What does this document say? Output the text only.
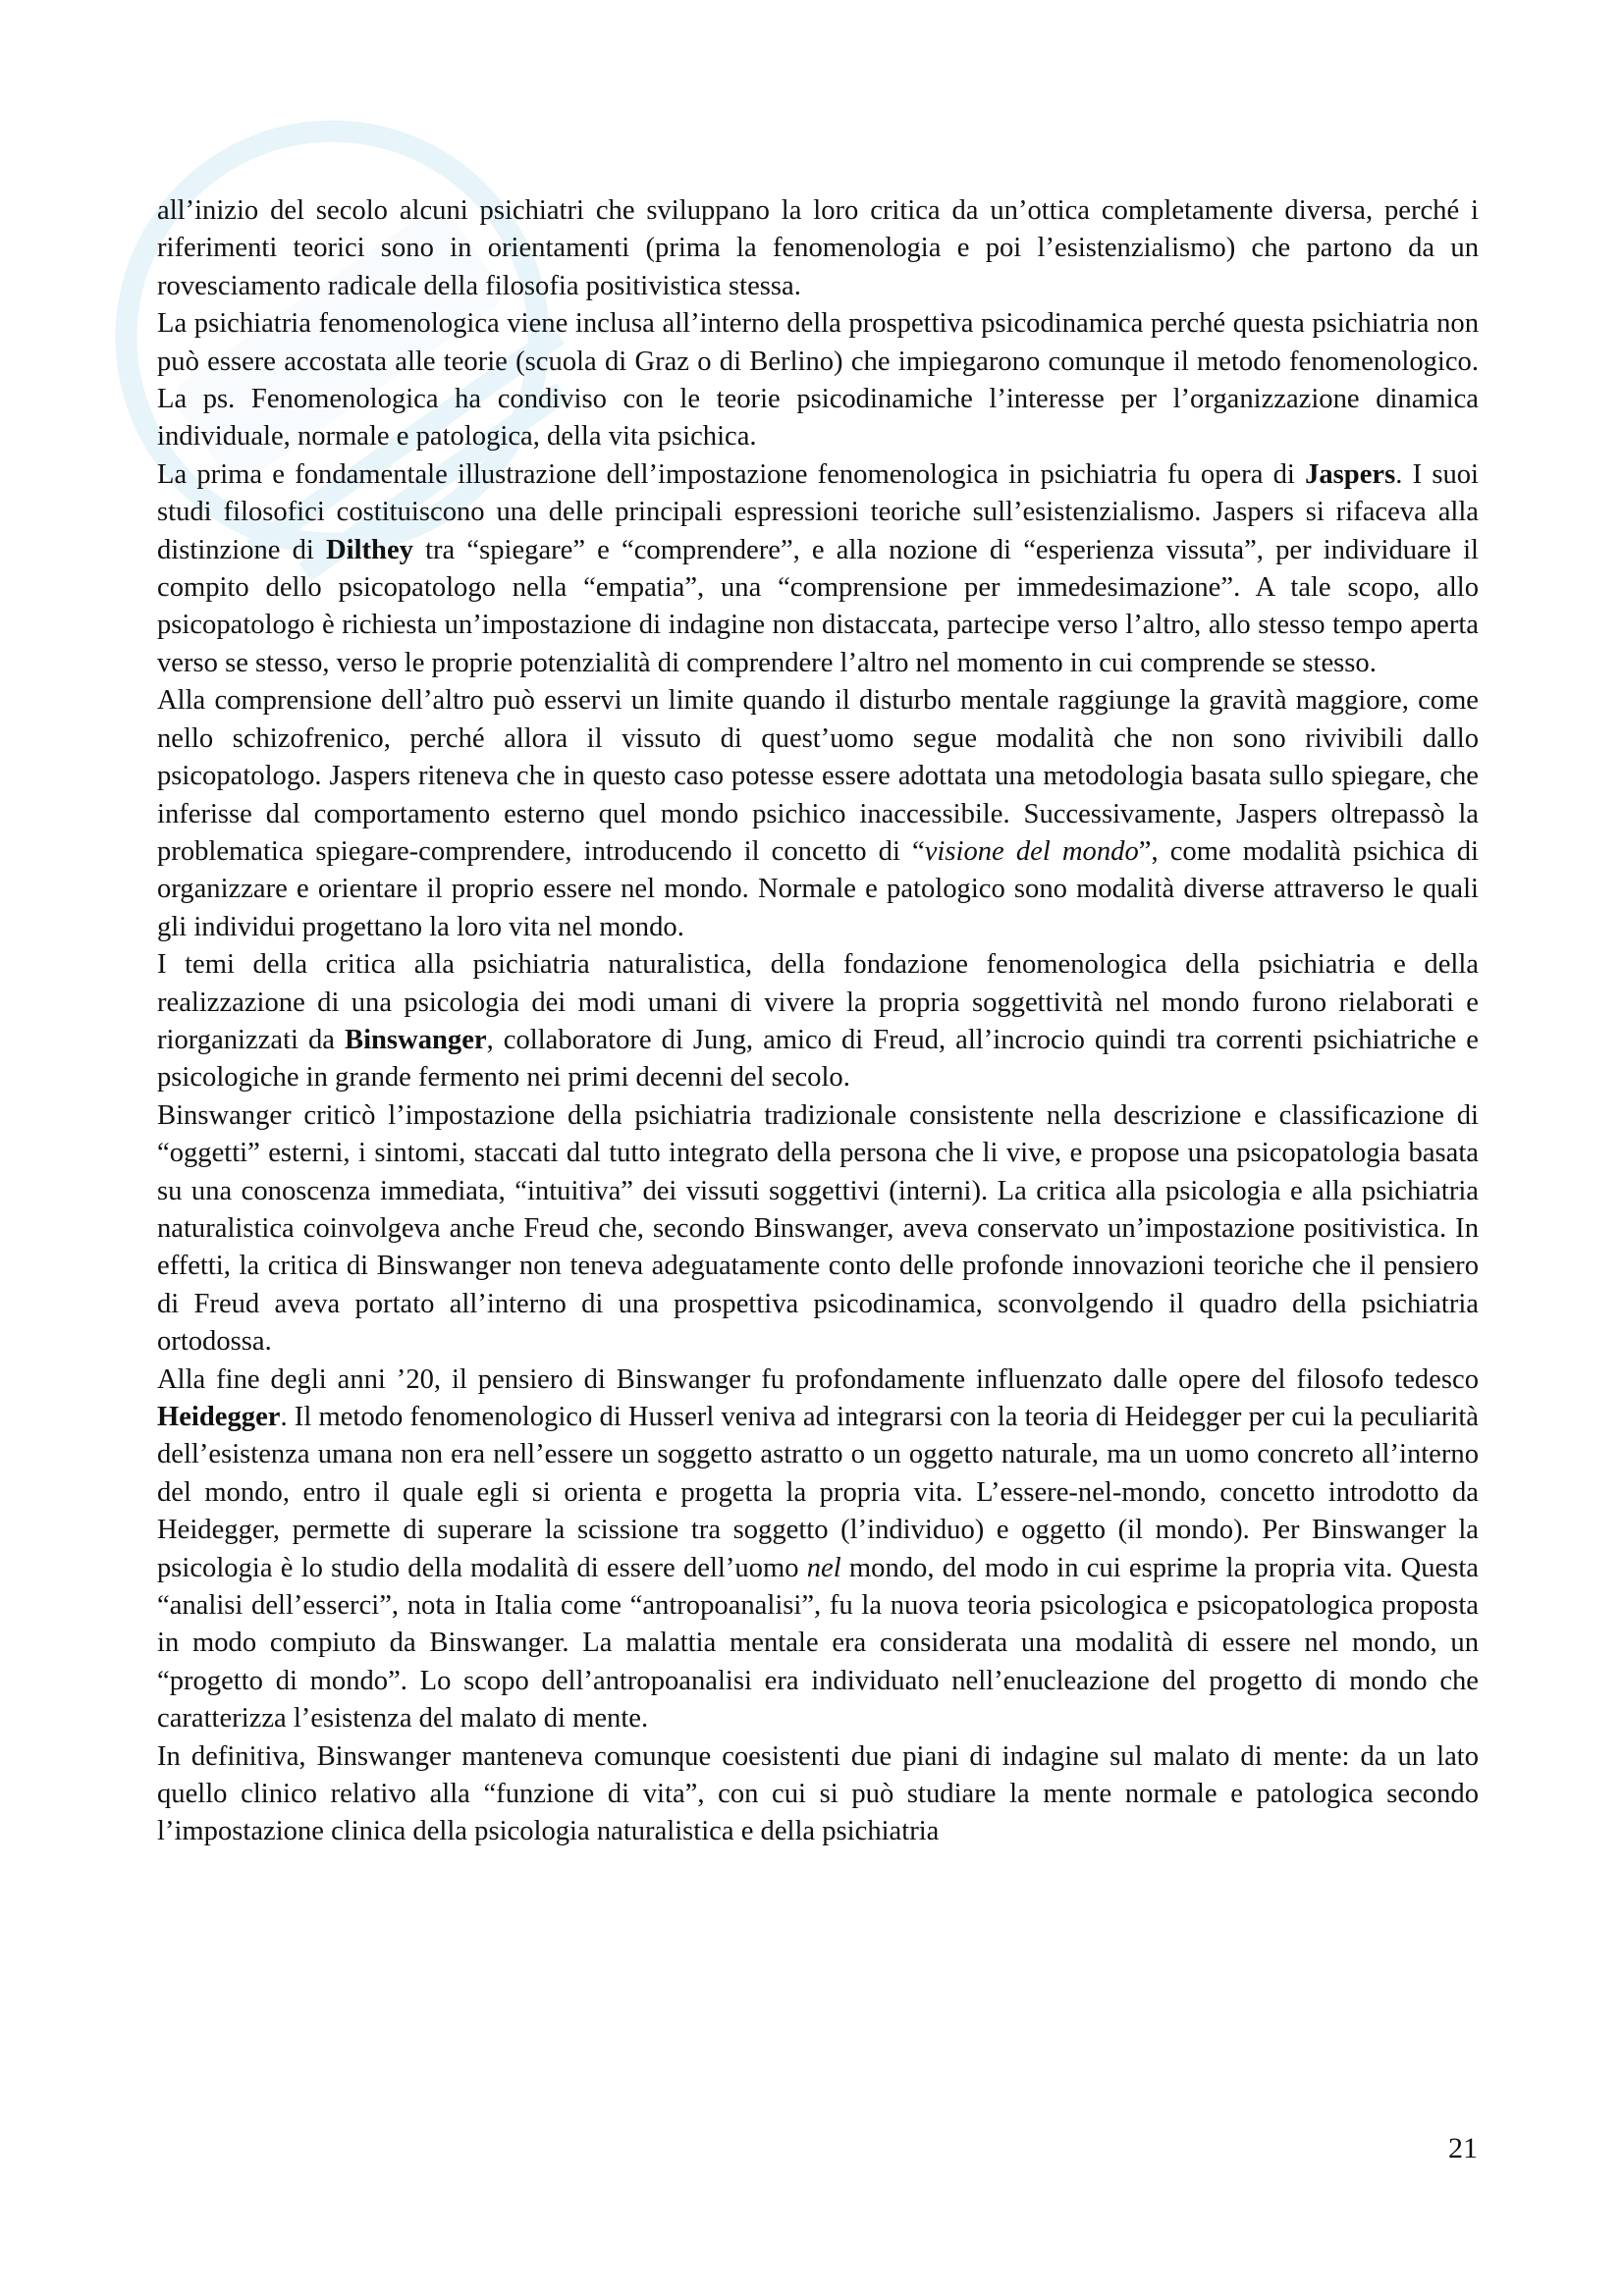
all’inizio del secolo alcuni psichiatri che sviluppano la loro critica da un’ottica completamente diversa, perché i riferimenti teorici sono in orientamenti (prima la fenomenologia e poi l’esistenzialismo) che partono da un rovesciamento radicale della filosofia positivistica stessa.

La psichiatria fenomenologica viene inclusa all’interno della prospettiva psicodinamica perché questa psichiatria non può essere accostata alle teorie (scuola di Graz o di Berlino) che impiegarono comunque il metodo fenomenologico. La ps. Fenomenologica ha condiviso con le teorie psicodinamiche l’interesse per l’organizzazione dinamica individuale, normale e patologica, della vita psichica.

La prima e fondamentale illustrazione dell’impostazione fenomenologica in psichiatria fu opera di Jaspers. I suoi studi filosofici costituiscono una delle principali espressioni teoriche sull’esistenzialismo. Jaspers si rifaceva alla distinzione di Dilthey tra “spiegare” e “comprendere”, e alla nozione di “esperienza vissuta”, per individuare il compito dello psicopatologo nella “empatia”, una “comprensione per immedesimazione”. A tale scopo, allo psicopatologo è richiesta un’impostazione di indagine non distaccata, partecipe verso l’altro, allo stesso tempo aperta verso se stesso, verso le proprie potenzialità di comprendere l’altro nel momento in cui comprende se stesso.

Alla comprensione dell’altro può esservi un limite quando il disturbo mentale raggiunge la gravità maggiore, come nello schizofrenico, perché allora il vissuto di quest’uomo segue modalità che non sono rivivibili dallo psicopatologo. Jaspers riteneva che in questo caso potesse essere adottata una metodologia basata sullo spiegare, che inferisse dal comportamento esterno quel mondo psichico inaccessibile. Successivamente, Jaspers oltrepassò la problematica spiegare-comprendere, introducendo il concetto di “visione del mondo”, come modalità psichica di organizzare e orientare il proprio essere nel mondo. Normale e patologico sono modalità diverse attraverso le quali gli individui progettano la loro vita nel mondo.

I temi della critica alla psichiatria naturalistica, della fondazione fenomenologica della psichiatria e della realizzazione di una psicologia dei modi umani di vivere la propria soggettività nel mondo furono rielaborati e riorganizzati da Binswanger, collaboratore di Jung, amico di Freud, all’incrocio quindi tra correnti psichiatriche e psicologiche in grande fermento nei primi decenni del secolo.

Binswanger criticò l’impostazione della psichiatria tradizionale consistente nella descrizione e classificazione di “oggetti” esterni, i sintomi, staccati dal tutto integrato della persona che li vive, e propose una psicopatologia basata su una conoscenza immediata, “intuitiva” dei vissuti soggettivi (interni). La critica alla psicologia e alla psichiatria naturalistica coinvolgeva anche Freud che, secondo Binswanger, aveva conservato un’impostazione positivistica. In effetti, la critica di Binswanger non teneva adeguatamente conto delle profonde innovazioni teoriche che il pensiero di Freud aveva portato all’interno di una prospettiva psicodinamica, sconvolgendo il quadro della psichiatria ortodossa.

Alla fine degli anni ’20, il pensiero di Binswanger fu profondamente influenzato dalle opere del filosofo tedesco Heidegger. Il metodo fenomenologico di Husserl veniva ad integrarsi con la teoria di Heidegger per cui la peculiarità dell’esistenza umana non era nell’essere un soggetto astratto o un oggetto naturale, ma un uomo concreto all’interno del mondo, entro il quale egli si orienta e progetta la propria vita. L’essere-nel-mondo, concetto introdotto da Heidegger, permette di superare la scissione tra soggetto (l’individuo) e oggetto (il mondo). Per Binswanger la psicologia è lo studio della modalità di essere dell’uomo nel mondo, del modo in cui esprime la propria vita. Questa “analisi dell’esserci”, nota in Italia come “antropoanalisi”, fu la nuova teoria psicologica e psicopatologica proposta in modo compiuto da Binswanger. La malattia mentale era considerata una modalità di essere nel mondo, un “progetto di mondo”. Lo scopo dell’antropoanalisi era individuato nell’enucleazione del progetto di mondo che caratterizza l’esistenza del malato di mente.

In definitiva, Binswanger manteneva comunque coesistenti due piani di indagine sul malato di mente: da un lato quello clinico relativo alla “funzione di vita”, con cui si può studiare la mente normale e patologica secondo l’impostazione clinica della psicologia naturalistica e della psichiatria

21
